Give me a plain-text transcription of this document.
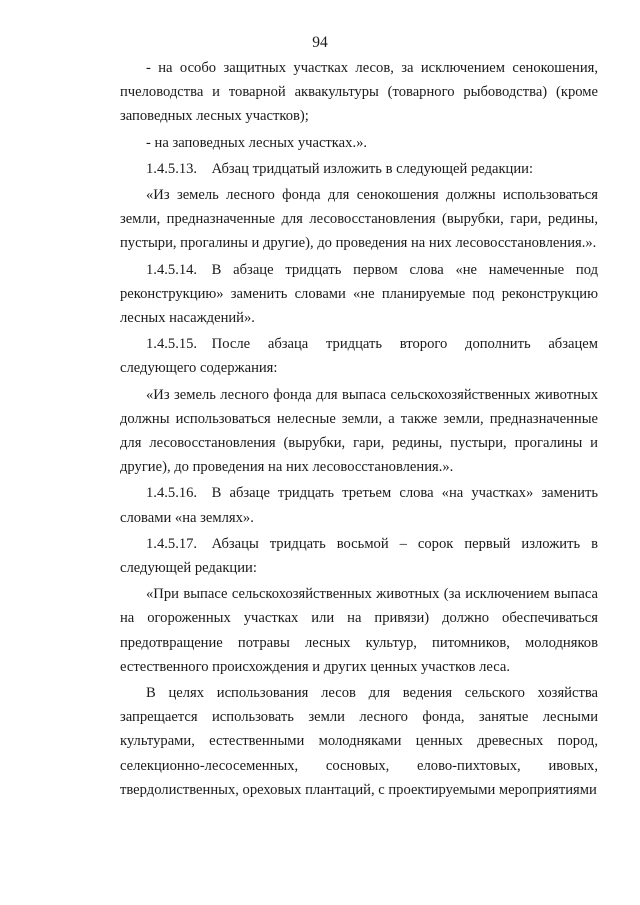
94

- на особо защитных участках лесов, за исключением сенокошения, пчеловодства и товарной аквакультуры (товарного рыбоводства) (кроме заповедных лесных участков);

- на заповедных лесных участках.».

1.4.5.13. Абзац тридцатый изложить в следующей редакции:

«Из земель лесного фонда для сенокошения должны использоваться земли, предназначенные для лесовосстановления (вырубки, гари, редины, пустыри, прогалины и другие), до проведения на них лесовосстановления.».

1.4.5.14. В абзаце тридцать первом слова «не намеченные под реконструкцию» заменить словами «не планируемые под реконструкцию лесных насаждений».

1.4.5.15. После абзаца тридцать второго дополнить абзацем следующего содержания:

«Из земель лесного фонда для выпаса сельскохозяйственных животных должны использоваться нелесные земли, а также земли, предназначенные для лесовосстановления (вырубки, гари, редины, пустыри, прогалины и другие), до проведения на них лесовосстановления.».

1.4.5.16. В абзаце тридцать третьем слова «на участках» заменить словами «на землях».

1.4.5.17. Абзацы тридцать восьмой – сорок первый изложить в следующей редакции:

«При выпасе сельскохозяйственных животных (за исключением выпаса на огороженных участках или на привязи) должно обеспечиваться предотвращение потравы лесных культур, питомников, молодняков естественного происхождения и других ценных участков леса.

В целях использования лесов для ведения сельского хозяйства запрещается использовать земли лесного фонда, занятые лесными культурами, естественными молодняками ценных древесных пород, селекционно-лесосеменных, сосновых, елово-пихтовых, ивовых, твердолиственных, ореховых плантаций, с проектируемыми мероприятиями
